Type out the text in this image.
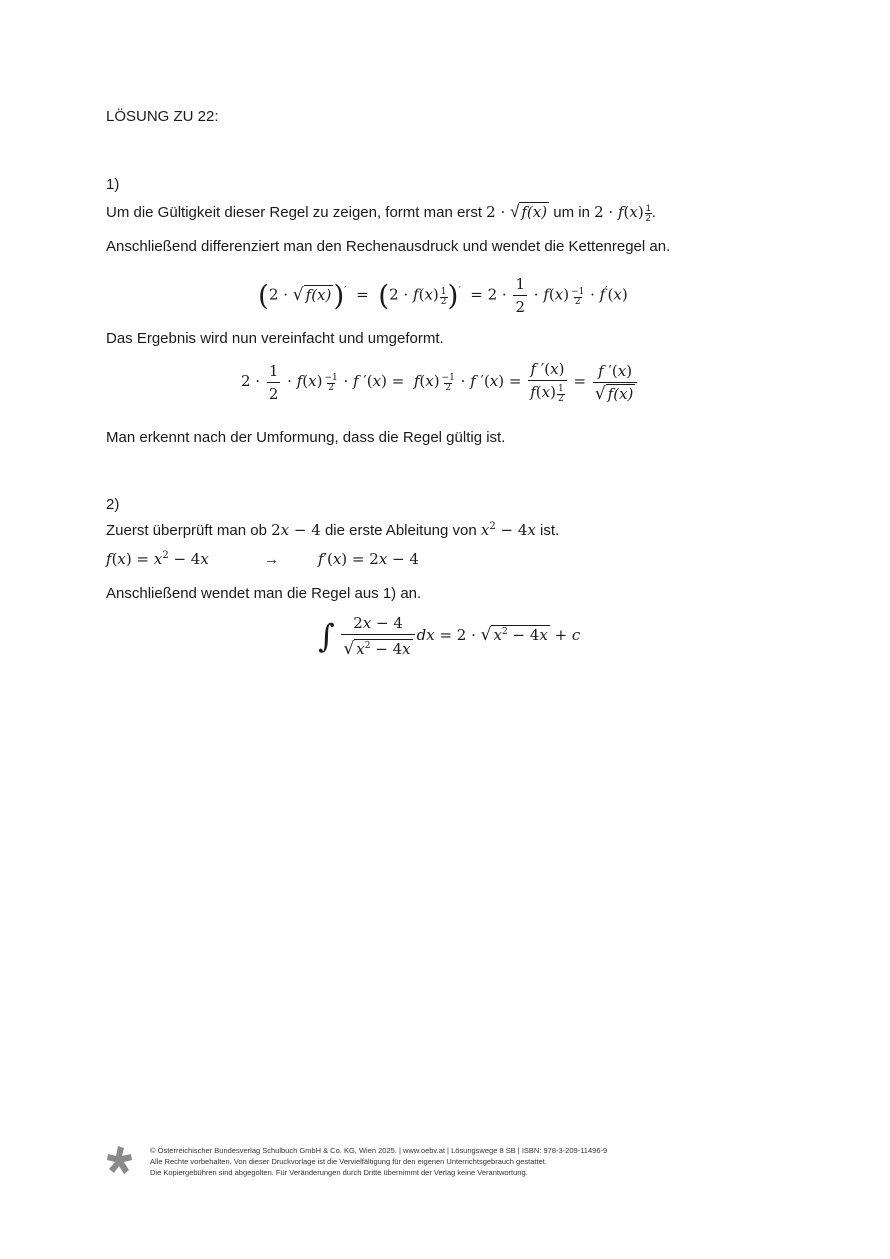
LÖSUNG ZU 22:
1)
Um die Gültigkeit dieser Regel zu zeigen, formt man erst 2 · √ f(x) um in $2 \cdot f(x) \frac{1}{2}$ .
Anschließend differenziert man den Rechenausdruck und wendet die Kettenregel an.
(2 · √ $f(x))' = (2 \cdot f(x) \frac{1}{2} )' = 2 \cdot \frac{1}{2} \cdot f(x) \frac{-1}{2} \cdot f'(x)$
Das Ergebnis wird nun vereinfacht und umgeformt.
$2 \cdot \frac{1}{2} \cdot f(x) \frac{-1}{2} \cdot f$ $'(x) = f(x) \frac{-1}{2} \cdot f$ $'(x) = \frac{f '(x)}{f(x) \frac{1}{2}} = \frac{f '(x)}{√ f(x)}$
Man erkennt nach der Umformung, dass die Regel gültig ist.
2)
Zuerst überprüft man ob 2x − 4 die erste Ableitung von $x^2 - 4x$ ist.
$f(x) = x^2 - 4x$	→	f′(x) = 2x − 4
Anschließend wendet man die Regel aus 1) an.
∫ $\frac{2x - 4}{√ x^2 - 4x}$ dx = 2 · √ $x^2 - 4x + c$
© Österreichischer Bundesverlag Schulbuch GmbH & Co. KG, Wien 2025. | www.oebv.at | Lösungswege 8 SB | ISBN: 978-3-209-11496-9
Alle Rechte vorbehalten. Von dieser Druckvorlage ist die Vervielfältigung für den eigenen Unterrichtsgebrauch gestattet.
Die Kopiergebühren sind abgegolten. Für Veränderungen durch Dritte übernimmt der Verlag keine Verantwortung.
